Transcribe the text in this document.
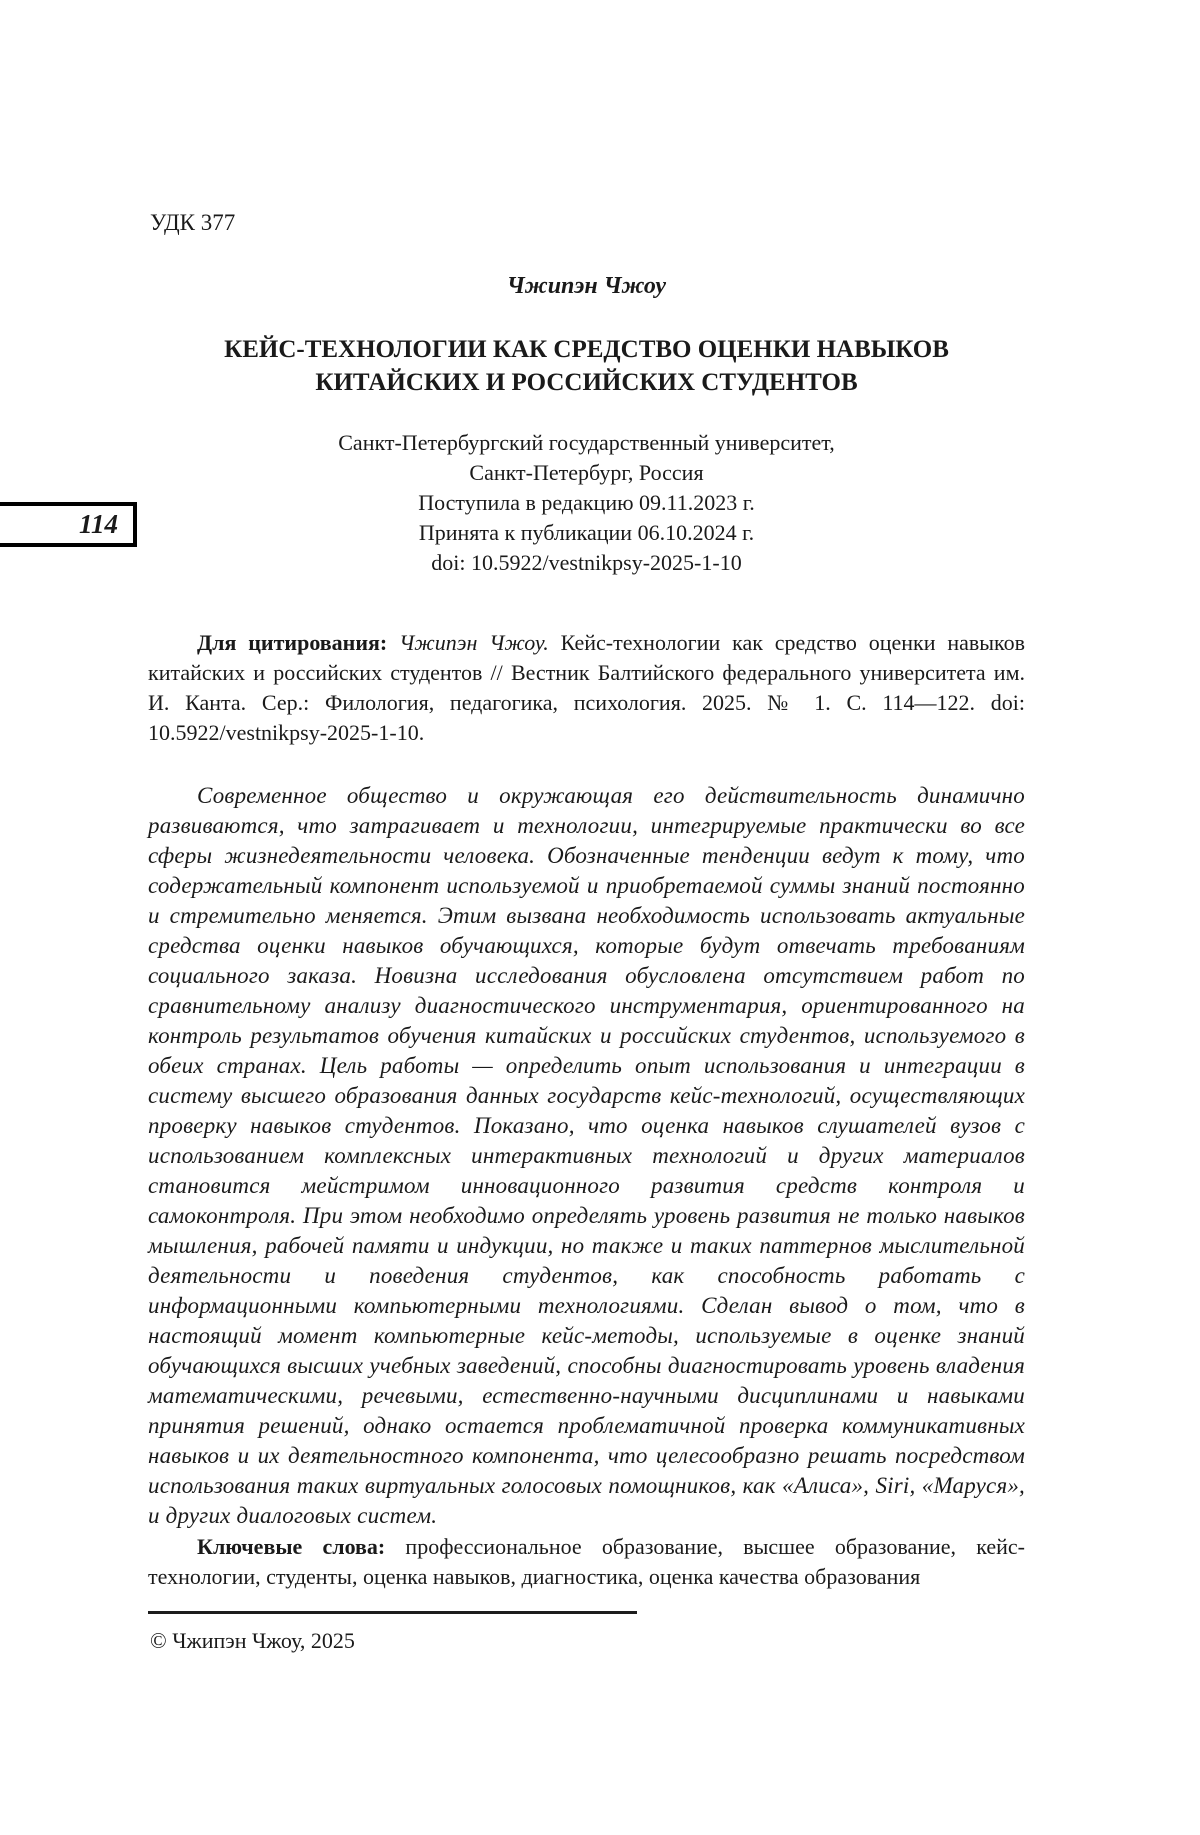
УДК 377
Чжипэн Чжоу
КЕЙС-ТЕХНОЛОГИИ КАК СРЕДСТВО ОЦЕНКИ НАВЫКОВ
КИТАЙСКИХ И РОССИЙСКИХ СТУДЕНТОВ
Санкт-Петербургский государственный университет,
Санкт-Петербург, Россия
Поступила в редакцию 09.11.2023 г.
Принята к публикации 06.10.2024 г.
doi: 10.5922/vestnikpsy-2025-1-10
114

Для цитирования: Чжипэн Чжоу. Кейс-технологии как средство оценки навыков китайских и российских студентов // Вестник Балтийского федерального университета им. И. Канта. Сер.: Филология, педагогика, психология. 2025. № 1. С. 114—122. doi: 10.5922/vestnikpsy-2025-1-10.

Современное общество и окружающая его действительность динамично развиваются, что затрагивает и технологии, интегрируемые практически во все сферы жизнедеятельности человека. Обозначенные тенденции ведут к тому, что содержательный компонент используемой и приобретаемой суммы знаний постоянно и стремительно меняется. Этим вызвана необходимость использовать актуальные средства оценки навыков обучающихся, которые будут отвечать требованиям социального заказа. Новизна исследования обусловлена отсутствием работ по сравнительному анализу диагностического инструментария, ориентированного на контроль результатов обучения китайских и российских студентов, используемого в обеих странах. Цель работы — определить опыт использования и интеграции в систему высшего образования данных государств кейс-технологий, осуществляющих проверку навыков студентов. Показано, что оценка навыков слушателей вузов с использованием комплексных интерактивных технологий и других материалов становится мейстримом инновационного развития средств контроля и самоконтроля. При этом необходимо определять уровень развития не только навыков мышления, рабочей памяти и индукции, но также и таких паттернов мыслительной деятельности и поведения студентов, как способность работать с информационными компьютерными технологиями. Сделан вывод о том, что в настоящий момент компьютерные кейс-методы, используемые в оценке знаний обучающихся высших учебных заведений, способны диагностировать уровень владения математическими, речевыми, естественно-научными дисциплинами и навыками принятия решений, однако остается проблематичной проверка коммуникативных навыков и их деятельностного компонента, что целесообразно решать посредством использования таких виртуальных голосовых помощников, как «Алиса», Siri, «Маруся», и других диалоговых систем.

Ключевые слова: профессиональное образование, высшее образование, кейс-технологии, студенты, оценка навыков, диагностика, оценка качества образования

© Чжипэн Чжоу, 2025
